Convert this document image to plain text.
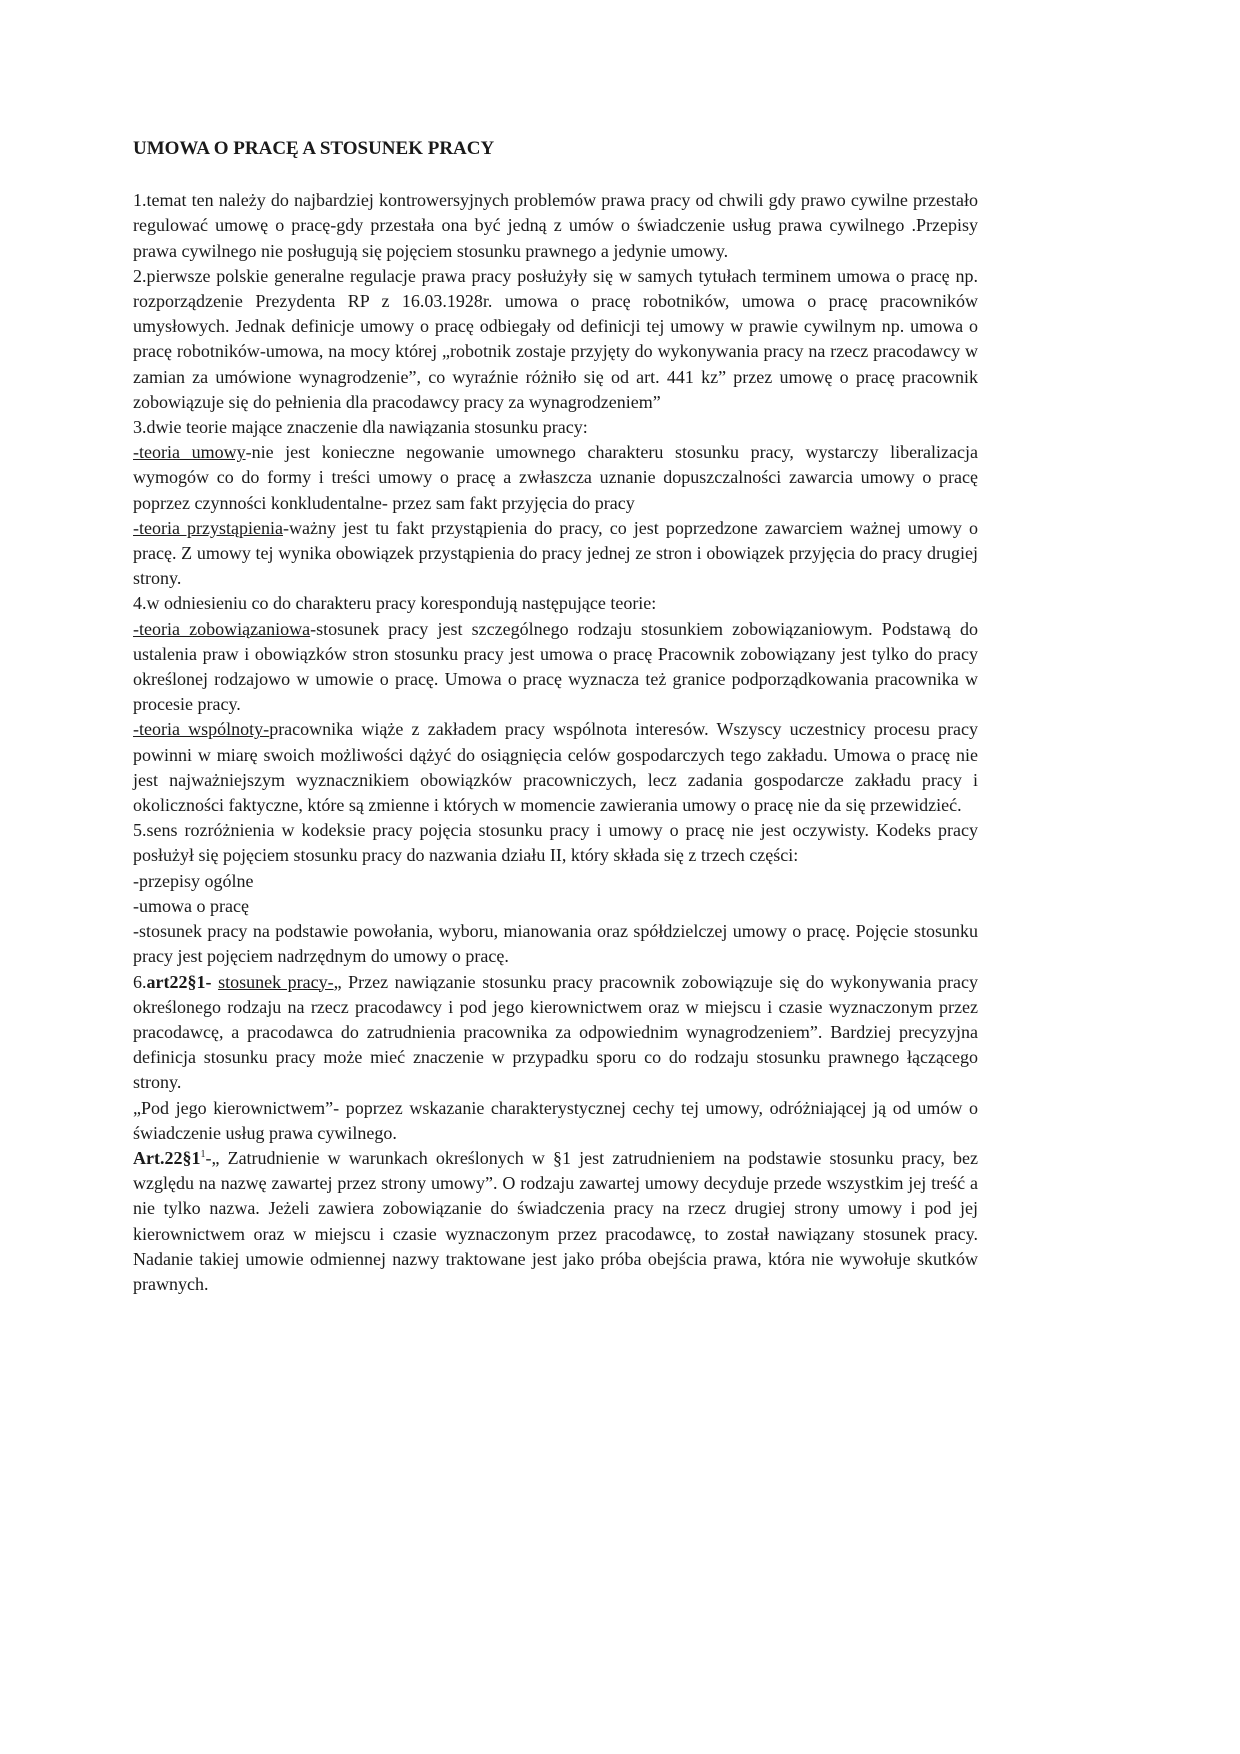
UMOWA O PRACĘ A STOSUNEK PRACY

1.temat ten należy do najbardziej kontrowersyjnych problemów prawa pracy od chwili gdy prawo cywilne przestało regulować umowę o pracę-gdy przestała ona być jedną z umów o świadczenie usług prawa cywilnego .Przepisy prawa cywilnego nie posługują się pojęciem stosunku prawnego a jedynie umowy.

2.pierwsze polskie generalne regulacje prawa pracy posłużyły się w samych tytułach terminem umowa o pracę np. rozporządzenie Prezydenta RP z 16.03.1928r. umowa o pracę robotników, umowa o pracę pracowników umysłowych. Jednak definicje umowy o pracę odbiegały od definicji tej umowy w prawie cywilnym np. umowa o pracę robotników-umowa, na mocy której „robotnik zostaje przyjęty do wykonywania pracy na rzecz pracodawcy w zamian za umówione wynagrodzenie”, co wyraźnie różniło się od art. 441 kz” przez umowę o pracę pracownik zobowiązuje się do pełnienia dla pracodawcy pracy za wynagrodzeniem”

3.dwie teorie mające znaczenie dla nawiązania stosunku pracy:

-teoria umowy-nie jest konieczne negowanie umownego charakteru stosunku pracy, wystarczy liberalizacja wymogów co do formy i treści umowy o pracę a zwłaszcza uznanie dopuszczalności zawarcia umowy o pracę poprzez czynności konkludentalne- przez sam fakt przyjęcia do pracy

-teoria przystąpienia-ważny jest tu fakt przystąpienia do pracy, co jest poprzedzone zawarciem ważnej umowy o pracę. Z umowy tej wynika obowiązek przystąpienia do pracy jednej ze stron i obowiązek przyjęcia do pracy drugiej strony.

4.w odniesieniu co do charakteru pracy korespondują następujące teorie:

-teoria zobowiązaniowa-stosunek pracy jest szczególnego rodzaju stosunkiem zobowiązaniowym. Podstawą do ustalenia praw i obowiązków stron stosunku pracy jest umowa o pracę Pracownik zobowiązany jest tylko do pracy określonej rodzajowo w umowie o pracę. Umowa o pracę wyznacza też granice podporządkowania pracownika w procesie pracy.

-teoria wspólnoty-pracownika wiąże z zakładem pracy wspólnota interesów. Wszyscy uczestnicy procesu pracy powinni w miarę swoich możliwości dążyć do osiągnięcia celów gospodarczych tego zakładu. Umowa o pracę nie jest najważniejszym wyznacznikiem obowiązków pracowniczych, lecz zadania gospodarcze zakładu pracy i okoliczności faktyczne, które są zmienne i których w momencie zawierania umowy o pracę nie da się przewidzieć.

5.sens rozróżnienia w kodeksie pracy pojęcia stosunku pracy i umowy o pracę nie jest oczywisty. Kodeks pracy posłużył się pojęciem stosunku pracy do nazwania działu II, który składa się z trzech części:

-przepisy ogólne

-umowa o pracę

-stosunek pracy na podstawie powołania, wyboru, mianowania oraz spółdzielczej umowy o pracę. Pojęcie stosunku pracy jest pojęciem nadrzędnym do umowy o pracę.

6.art22§1- stosunek pracy-„ Przez nawiązanie stosunku pracy pracownik zobowiązuje się do wykonywania pracy określonego rodzaju na rzecz pracodawcy i pod jego kierownictwem oraz w miejscu i czasie wyznaczonym przez pracodawcę, a pracodawca do zatrudnienia pracownika za odpowiednim wynagrodzeniem”. Bardziej precyzyjna definicja stosunku pracy może mieć znaczenie w przypadku sporu co do rodzaju stosunku prawnego łączącego strony.

„Pod jego kierownictwem”- poprzez wskazanie charakterystycznej cechy tej umowy, odróżniającej ją od umów o świadczenie usług prawa cywilnego.

$Art.22\S 1^1-„$ Zatrudnienie w warunkach określonych w §1 jest zatrudnieniem na podstawie stosunku pracy, bez względu na nazwę zawartej przez strony umowy”. O rodzaju zawartej umowy decyduje przede wszystkim jej treść a nie tylko nazwa. Jeżeli zawiera zobowiązanie do świadczenia pracy na rzecz drugiej strony umowy i pod jej kierownictwem oraz w miejscu i czasie wyznaczonym przez pracodawcę, to został nawiązany stosunek pracy. Nadanie takiej umowie odmiennej nazwy traktowane jest jako próba obejścia prawa, która nie wywołuje skutków prawnych.
